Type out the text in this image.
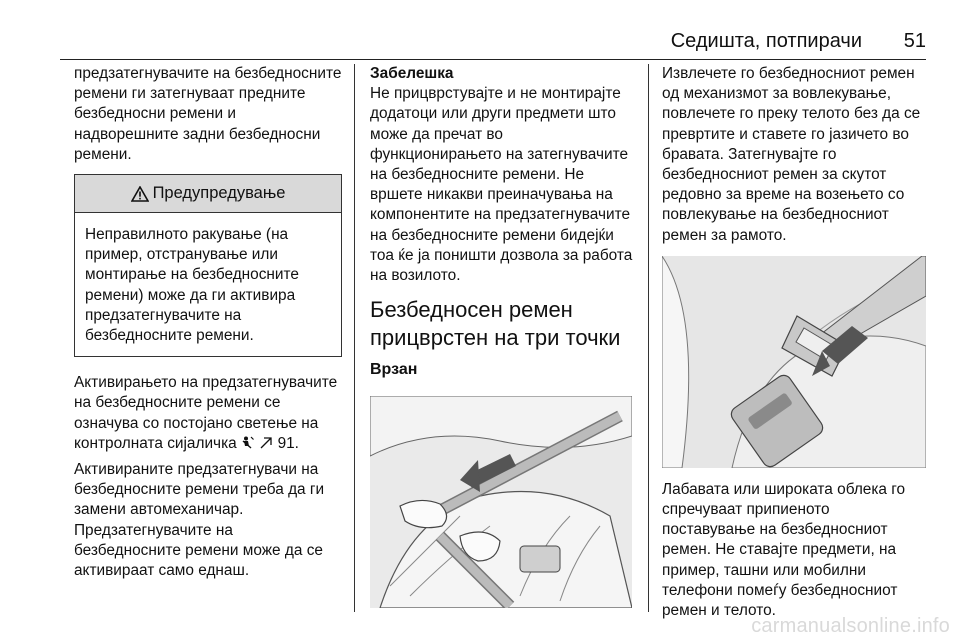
Седишта, потпирачи 51

предзатегнувачите на безбедносните ремени ги затегнуваат предните безбедносни ремени и надворешните задни безбедносни ремени.

Предупредување
Неправилното ракување (на пример, отстранување или монтирање на безбедносните ремени) може да ги активира предзатегнувачите на безбедносните ремени.

Активирањето на предзатегнувачите на безбедносните ремени се означува со постојано светење на контролната сијаличка	91.

Активираните предзатегнувачи на безбедносните ремени треба да ги замени автомеханичар. Предзатегнувачите на безбедносните ремени може да се активираат само еднаш.

Забелешка

Не прицврстувајте и не монтирајте додатоци или други предмети што може да пречат во функционирањето на затегнувачите на безбедносните ремени. Не вршете никакви преиначувања на компонентите на предзатегнувачите на безбедносните ремени бидејќи тоа ќе ја поништи дозвола за работа на возилото.

Безбедносен ремен прицврстен на три точки

Врзан

Извлечете го безбедносниот ремен од механизмот за вовлекување, повлечете го преку телото без да се превртите и ставете го јазичето во бравата. Затегнувајте го безбедносниот ремен за скутот редовно за време на возењето со повлекување на безбедносниот ремен за рамото.

Лабавата или широката облека го спречуваат припиеното поставување на безбедносниот ремен. Не ставајте предмети, на пример, ташни или мобилни телефони помеѓу безбедносниот ремен и телото.

carmanualsonline.info
